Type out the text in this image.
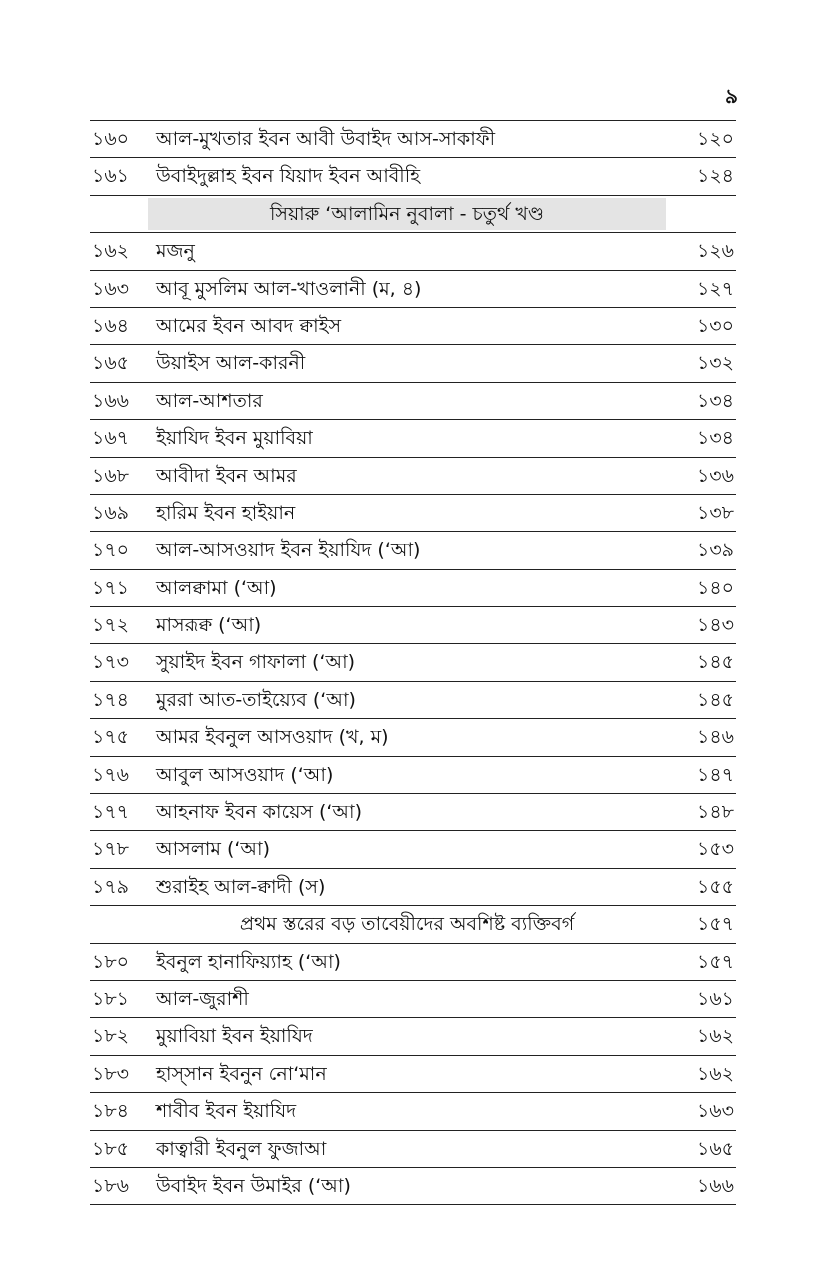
৯
১৬০ আল-মুখতার ইবন আবী উবাইদ আস-সাকাফী	১২০
১৬১ উবাইদুল্লাহ ইবন যিয়াদ ইবন আবীহি	১২৪
সিয়ারু ‘আলামিন নুবালা - চতুর্থ খণ্ড
১৬২ মজনু	১২৬
১৬৩ আবূ মুসলিম আল-খাওলানী (ম, ৪)	১২৭
১৬৪ আমের ইবন আবদ ক্বাইস	১৩০
১৬৫ উয়াইস আল-কারনী	১৩২
১৬৬ আল-আশতার	১৩৪
১৬৭ ইয়াযিদ ইবন মুয়াবিয়া	১৩৪
১৬৮ আবীদা ইবন আমর	১৩৬
১৬৯ হারিম ইবন হাইয়ান	১৩৮
১৭০ আল-আসওয়াদ ইবন ইয়াযিদ (‘আ)	১৩৯
১৭১ আলক্বামা (‘আ)	১৪০
১৭২ মাসরূক্ব (‘আ)	১৪৩
১৭৩ সুয়াইদ ইবন গাফালা (‘আ)	১৪৫
১৭৪ মুররা আত-তাইয়্যেব (‘আ)	১৪৫
১৭৫ আমর ইবনুল আসওয়াদ (খ, ম)	১৪৬
১৭৬ আবুল আসওয়াদ (‘আ)	১৪৭
১৭৭ আহনাফ ইবন কায়েস (‘আ)	১৪৮
১৭৮ আসলাম (‘আ)	১৫৩
১৭৯ শুরাইহ আল-ক্বাদী (স)	১৫৫
প্রথম স্তরের বড় তাবেয়ীদের অবশিষ্ট ব্যক্তিবর্গ	১৫৭
১৮০ ইবনুল হানাফিয়্যাহ (‘আ)	১৫৭
১৮১ আল-জুরাশী	১৬১
১৮২ মুয়াবিয়া ইবন ইয়াযিদ	১৬২
১৮৩ হাস্‌সান ইবনুন নো‘মান	১৬২
১৮৪ শাবীব ইবন ইয়াযিদ	১৬৩
১৮৫ কাত্বারী ইবনুল ফুজাআ	১৬৫
১৮৬ উবাইদ ইবন উমাইর (‘আ)	১৬৬
